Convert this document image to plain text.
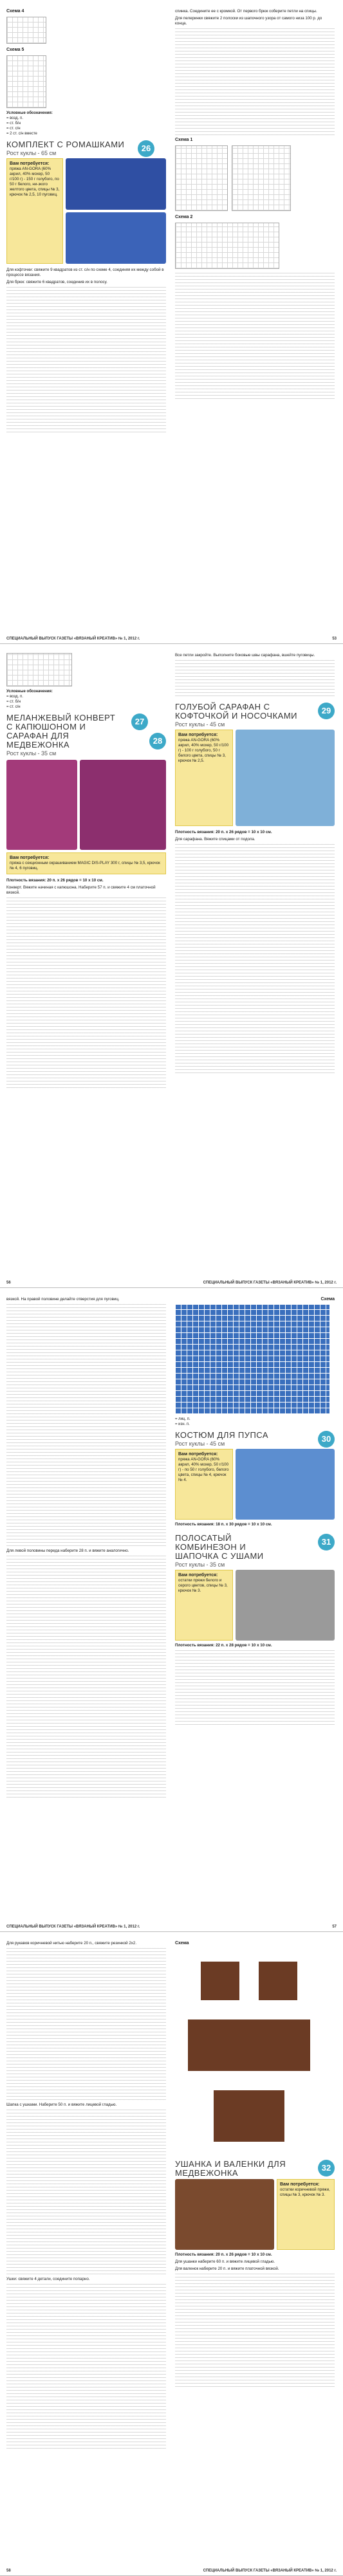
Схема 4
Схема 5
Условные обозначения:
= возд. п.
= ст. б/н
= ст. с/н
= 2 ст. с/н вместе
КОМПЛЕКТ С РОМАШКАМИ
Рост куклы - 65 см	26
Вам потребуется:
пряжа AN-GORA (60% акрил, 40% мохер, 50 г/100 г) - 150 г голубого, по 50 г белого, ни-зкого желтого цвета, спицы № 3, крючок № 2,5, 10 пуговиц.

Для кофточки: свяжите 9 квадратов из ст. с/н по схеме 4, соединяя их между собой в процессе вязания.

Для брюк: свяжите 6 квадратов, соединив их в полосу.

спинка. Соедините ее с кромкой. От первого брюк соберите петли на спицы.

Для пелеринки свяжите 2 полоски из шапочного узора от самого низа 100 р. до конца.

Схема 1
Схема 2
СПЕЦИАЛЬНЫЙ ВЫПУСК ГАЗЕТЫ «ВЯЗАНЫЙ КРЕАТИВ» № 1, 2012 г.	53
Условные обозначения:
= возд. п.
= ст. б/н
= ст. с/н
МЕЛАНЖЕВЫЙ КОНВЕРТ С КАПЮШОНОМ И САРАФАН ДЛЯ МЕДВЕЖОНКА
Рост куклы - 35 см
27
28
Вам потребуется:
пряжа с секционным окрашиванием MAGIC DIS-PLAY 300 г, спицы № 3,5, крючок № 4, 6 пуговиц.

Плотность вязания: 20 п. х 26 рядов = 10 х 10 см.

Конверт. Вяжите начиная с капюшона. Наберите 57 п. и свяжите 4 см платочной вязкой.

Все петли закройте. Выполните боковые швы сарафана, вшейте пуговицы.

ГОЛУБОЙ САРАФАН С КОФТОЧКОЙ И НОСОЧКАМИ
Рост куклы - 45 см
29
Вам потребуется:
пряжа AN-GORA (60% акрил, 40% мохер, 50 г/100 г) - 100 г голубого, 50 г белого цвета, спицы № 3, крючок № 2,5.

Плотность вязания: 20 п. х 26 рядов = 10 х 10 см.

Для сарафана. Вяжите спицами от подола.

56	СПЕЦИАЛЬНЫЙ ВЫПУСК ГАЗЕТЫ «ВЯЗАНЫЙ КРЕАТИВ» № 1, 2012 г.

вязкой. На правой половине делайте отверстия для пуговиц.

Для левой половины переда наберите 28 п. и вяжите аналогично.

Схема
= лиц. п.
= изн. п.
КОСТЮМ ДЛЯ ПУПСА
Рост куклы - 45 см	30
Вам потребуется:
пряжа AN-GORA (60% акрил, 40% мохер, 50 г/100 г) - по 50 г голубого, белого цвета, спицы № 4, крючок № 4.

Плотность вязания: 18 п. х 30 рядов = 10 х 10 см.

ПОЛОСАТЫЙ КОМБИНЕЗОН И ШАПОЧКА С УШАМИ
Рост куклы - 35 см
31
Вам потребуется:
остатки пряжи белого и серого цветов, спицы № 3, крючок № 3.

Плотность вязания: 22 п. х 28 рядов = 10 х 10 см.

СПЕЦИАЛЬНЫЙ ВЫПУСК ГАЗЕТЫ «ВЯЗАНЫЙ КРЕАТИВ» № 1, 2012 г.	57

Для рукавов коричневой нитью наберите 20 п., свяжите резинкой 2х2.

Шапка с ушками. Наберите 50 п. и вяжите лицевой гладью.

Ушки: свяжите 4 детали, соедините попарно.

Схема
УШАНКА И ВАЛЕНКИ ДЛЯ МЕДВЕЖОНКА
32
Вам потребуется:
остатки коричневой пряжи, спицы № 3, крючок № 3.

Плотность вязания: 20 п. х 26 рядов = 10 х 10 см.

Для ушанки наберите 60 п. и вяжите лицевой гладью.

Для валенок наберите 20 п. и вяжите платочной вязкой.

58	СПЕЦИАЛЬНЫЙ ВЫПУСК ГАЗЕТЫ «ВЯЗАНЫЙ КРЕАТИВ» № 1, 2012 г.
